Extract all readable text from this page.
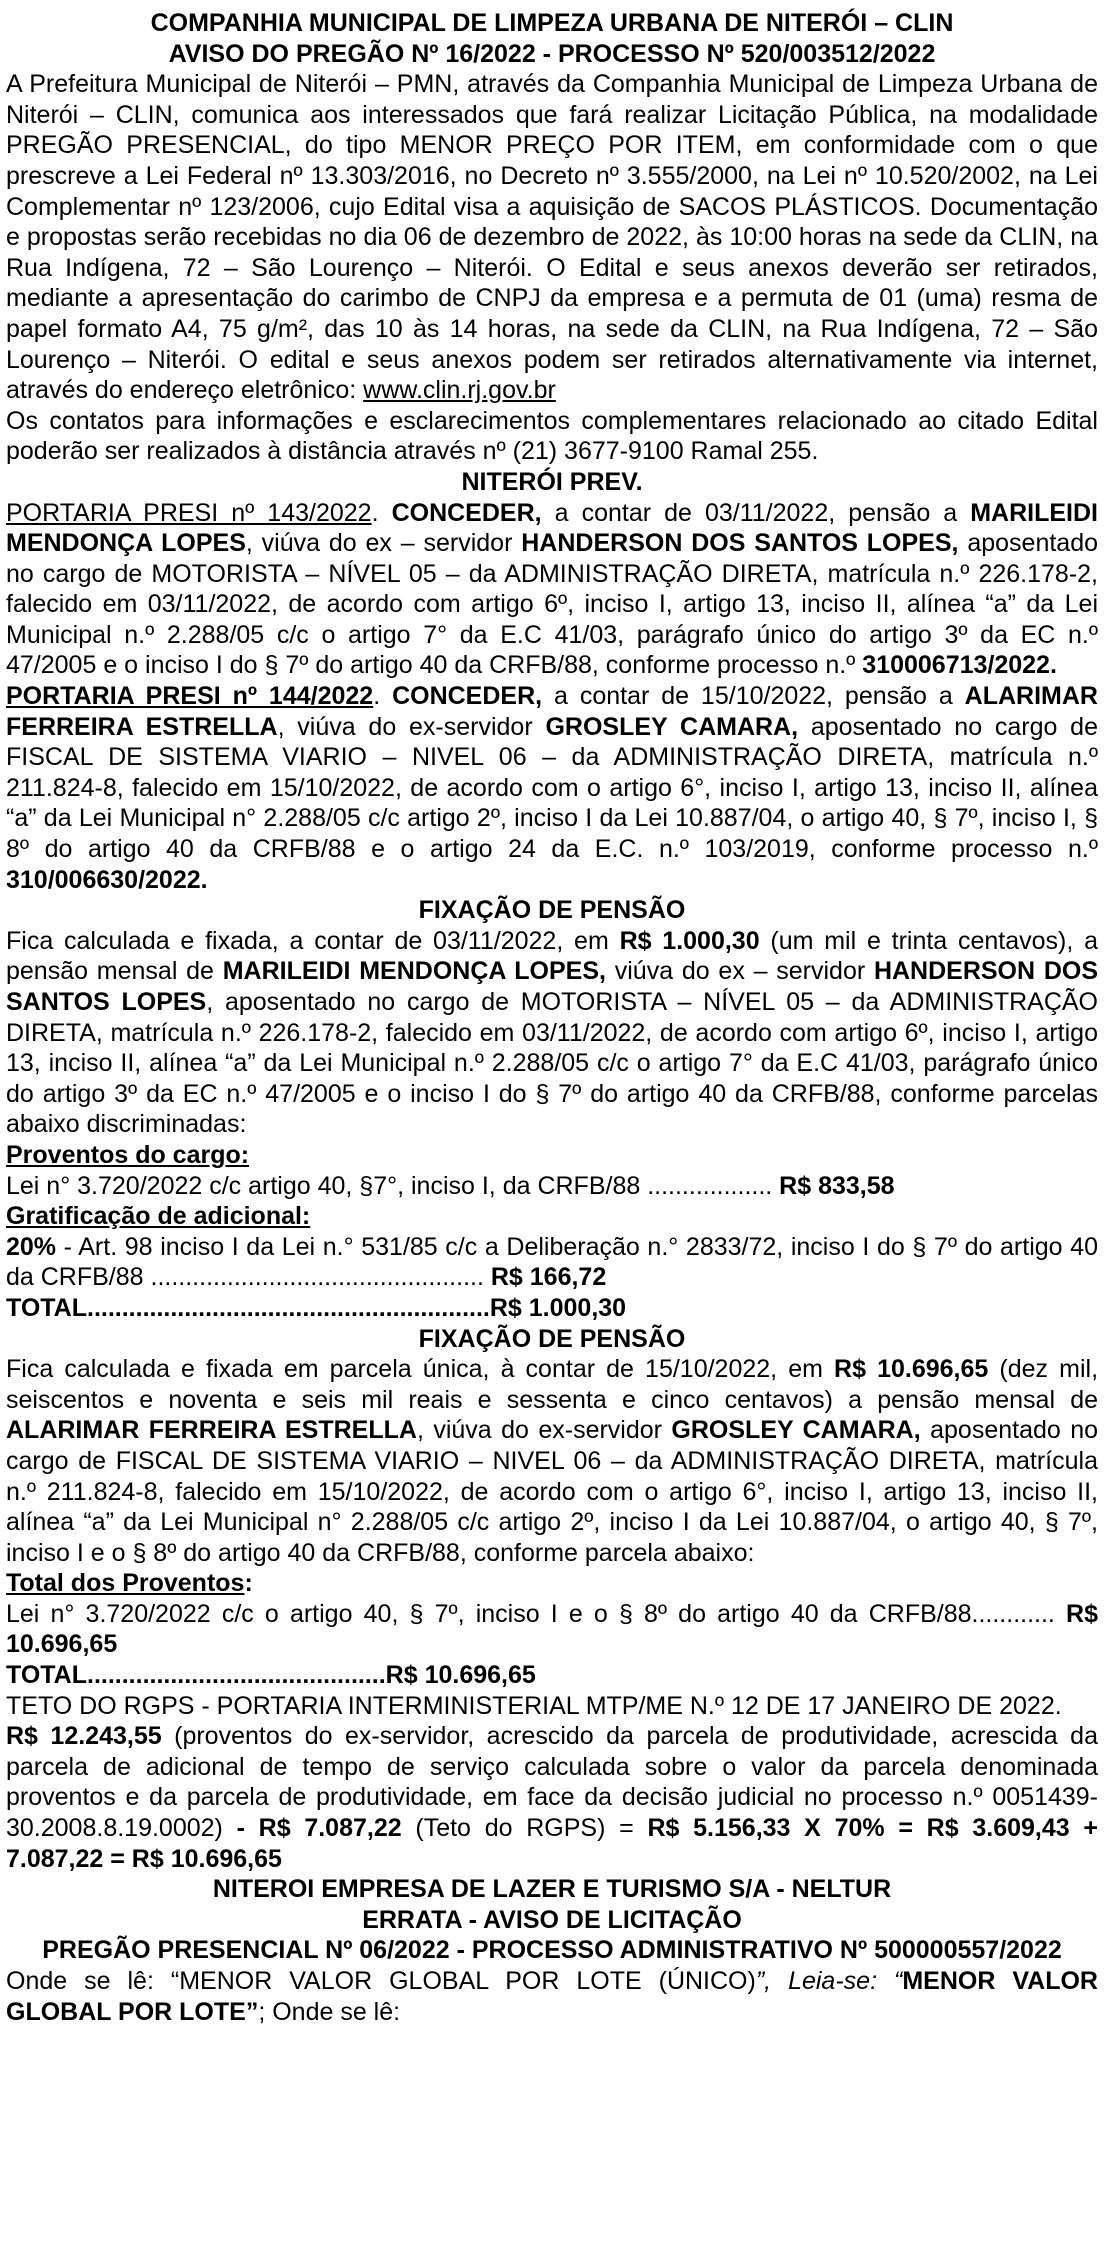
COMPANHIA MUNICIPAL DE LIMPEZA URBANA DE NITERÓI – CLIN

AVISO DO PREGÃO Nº 16/2022 - PROCESSO Nº 520/003512/2022

A Prefeitura Municipal de Niterói – PMN, através da Companhia Municipal de Limpeza Urbana de Niterói – CLIN, comunica aos interessados que fará realizar Licitação Pública, na modalidade PREGÃO PRESENCIAL, do tipo MENOR PREÇO POR ITEM, em conformidade com o que prescreve a Lei Federal nº 13.303/2016, no Decreto nº 3.555/2000, na Lei nº 10.520/2002, na Lei Complementar nº 123/2006, cujo Edital visa a aquisição de SACOS PLÁSTICOS. Documentação e propostas serão recebidas no dia 06 de dezembro de 2022, às 10:00 horas na sede da CLIN, na Rua Indígena, 72 – São Lourenço – Niterói. O Edital e seus anexos deverão ser retirados, mediante a apresentação do carimbo de CNPJ da empresa e a permuta de 01 (uma) resma de papel formato A4, 75 g/m², das 10 às 14 horas, na sede da CLIN, na Rua Indígena, 72 – São Lourenço – Niterói. O edital e seus anexos podem ser retirados alternativamente via internet, através do endereço eletrônico: www.clin.rj.gov.br

Os contatos para informações e esclarecimentos complementares relacionado ao citado Edital poderão ser realizados à distância através nº (21) 3677-9100 Ramal 255.

NITERÓI PREV.

PORTARIA PRESI nº 143/2022. CONCEDER, a contar de 03/11/2022, pensão a MARILEIDI MENDONÇA LOPES, viúva do ex – servidor HANDERSON DOS SANTOS LOPES, aposentado no cargo de MOTORISTA – NÍVEL 05 – da ADMINISTRAÇÃO DIRETA, matrícula n.º 226.178-2, falecido em 03/11/2022, de acordo com artigo 6º, inciso I, artigo 13, inciso II, alínea “a” da Lei Municipal n.º 2.288/05 c/c o artigo 7° da E.C 41/03, parágrafo único do artigo 3º da EC n.º 47/2005 e o inciso I do § 7º do artigo 40 da CRFB/88, conforme processo n.º 310006713/2022.

PORTARIA PRESI nº 144/2022. CONCEDER, a contar de 15/10/2022, pensão a ALARIMAR FERREIRA ESTRELLA, viúva do ex-servidor GROSLEY CAMARA, aposentado no cargo de FISCAL DE SISTEMA VIARIO – NIVEL 06 – da ADMINISTRAÇÃO DIRETA, matrícula n.º 211.824-8, falecido em 15/10/2022, de acordo com o artigo 6°, inciso I, artigo 13, inciso II, alínea “a” da Lei Municipal n° 2.288/05 c/c artigo 2º, inciso I da Lei 10.887/04, o artigo 40, § 7º, inciso I, § 8º do artigo 40 da CRFB/88 e o artigo 24 da E.C. n.º 103/2019, conforme processo n.º 310/006630/2022.

FIXAÇÃO DE PENSÃO

Fica calculada e fixada, a contar de 03/11/2022, em R$ 1.000,30 (um mil e trinta centavos), a pensão mensal de MARILEIDI MENDONÇA LOPES, viúva do ex – servidor HANDERSON DOS SANTOS LOPES, aposentado no cargo de MOTORISTA – NÍVEL 05 – da ADMINISTRAÇÃO DIRETA, matrícula n.º 226.178-2, falecido em 03/11/2022, de acordo com artigo 6º, inciso I, artigo 13, inciso II, alínea “a” da Lei Municipal n.º 2.288/05 c/c o artigo 7° da E.C 41/03, parágrafo único do artigo 3º da EC n.º 47/2005 e o inciso I do § 7º do artigo 40 da CRFB/88, conforme parcelas abaixo discriminadas:

Proventos do cargo:

Lei n° 3.720/2022 c/c artigo 40, §7°, inciso I, da CRFB/88 .................. R$ 833,58

Gratificação de adicional:

20% - Art. 98 inciso I da Lei n.° 531/85 c/c a Deliberação n.° 2833/72, inciso I do § 7º do artigo 40 da CRFB/88 ................................................ R$ 166,72

TOTAL..........................................................R$ 1.000,30

FIXAÇÃO DE PENSÃO

Fica calculada e fixada em parcela única, à contar de 15/10/2022, em R$ 10.696,65 (dez mil, seiscentos e noventa e seis mil reais e sessenta e cinco centavos) a pensão mensal de ALARIMAR FERREIRA ESTRELLA, viúva do ex-servidor GROSLEY CAMARA, aposentado no cargo de FISCAL DE SISTEMA VIARIO – NIVEL 06 – da ADMINISTRAÇÃO DIRETA, matrícula n.º 211.824-8, falecido em 15/10/2022, de acordo com o artigo 6°, inciso I, artigo 13, inciso II, alínea “a” da Lei Municipal n° 2.288/05 c/c artigo 2º, inciso I da Lei 10.887/04, o artigo 40, § 7º, inciso I e o § 8º do artigo 40 da CRFB/88, conforme parcela abaixo:

Total dos Proventos:

Lei n° 3.720/2022 c/c o artigo 40, § 7º, inciso I e o § 8º do artigo 40 da CRFB/88............ R$ 10.696,65

TOTAL...........................................R$ 10.696,65

TETO DO RGPS - PORTARIA INTERMINISTERIAL MTP/ME N.º 12 DE 17 JANEIRO DE 2022.

R$ 12.243,55 (proventos do ex-servidor, acrescido da parcela de produtividade, acrescida da parcela de adicional de tempo de serviço calculada sobre o valor da parcela denominada proventos e da parcela de produtividade, em face da decisão judicial no processo n.º 0051439-30.2008.8.19.0002) - R$ 7.087,22 (Teto do RGPS) = R$ 5.156,33 X 70% = R$ 3.609,43 + 7.087,22 = R$ 10.696,65

NITEROI EMPRESA DE LAZER E TURISMO S/A - NELTUR

ERRATA - AVISO DE LICITAÇÃO

PREGÃO PRESENCIAL Nº 06/2022 - PROCESSO ADMINISTRATIVO Nº 500000557/2022

Onde se lê: “MENOR VALOR GLOBAL POR LOTE (ÚNICO)”, Leia-se: “MENOR VALOR GLOBAL POR LOTE”; Onde se lê:
